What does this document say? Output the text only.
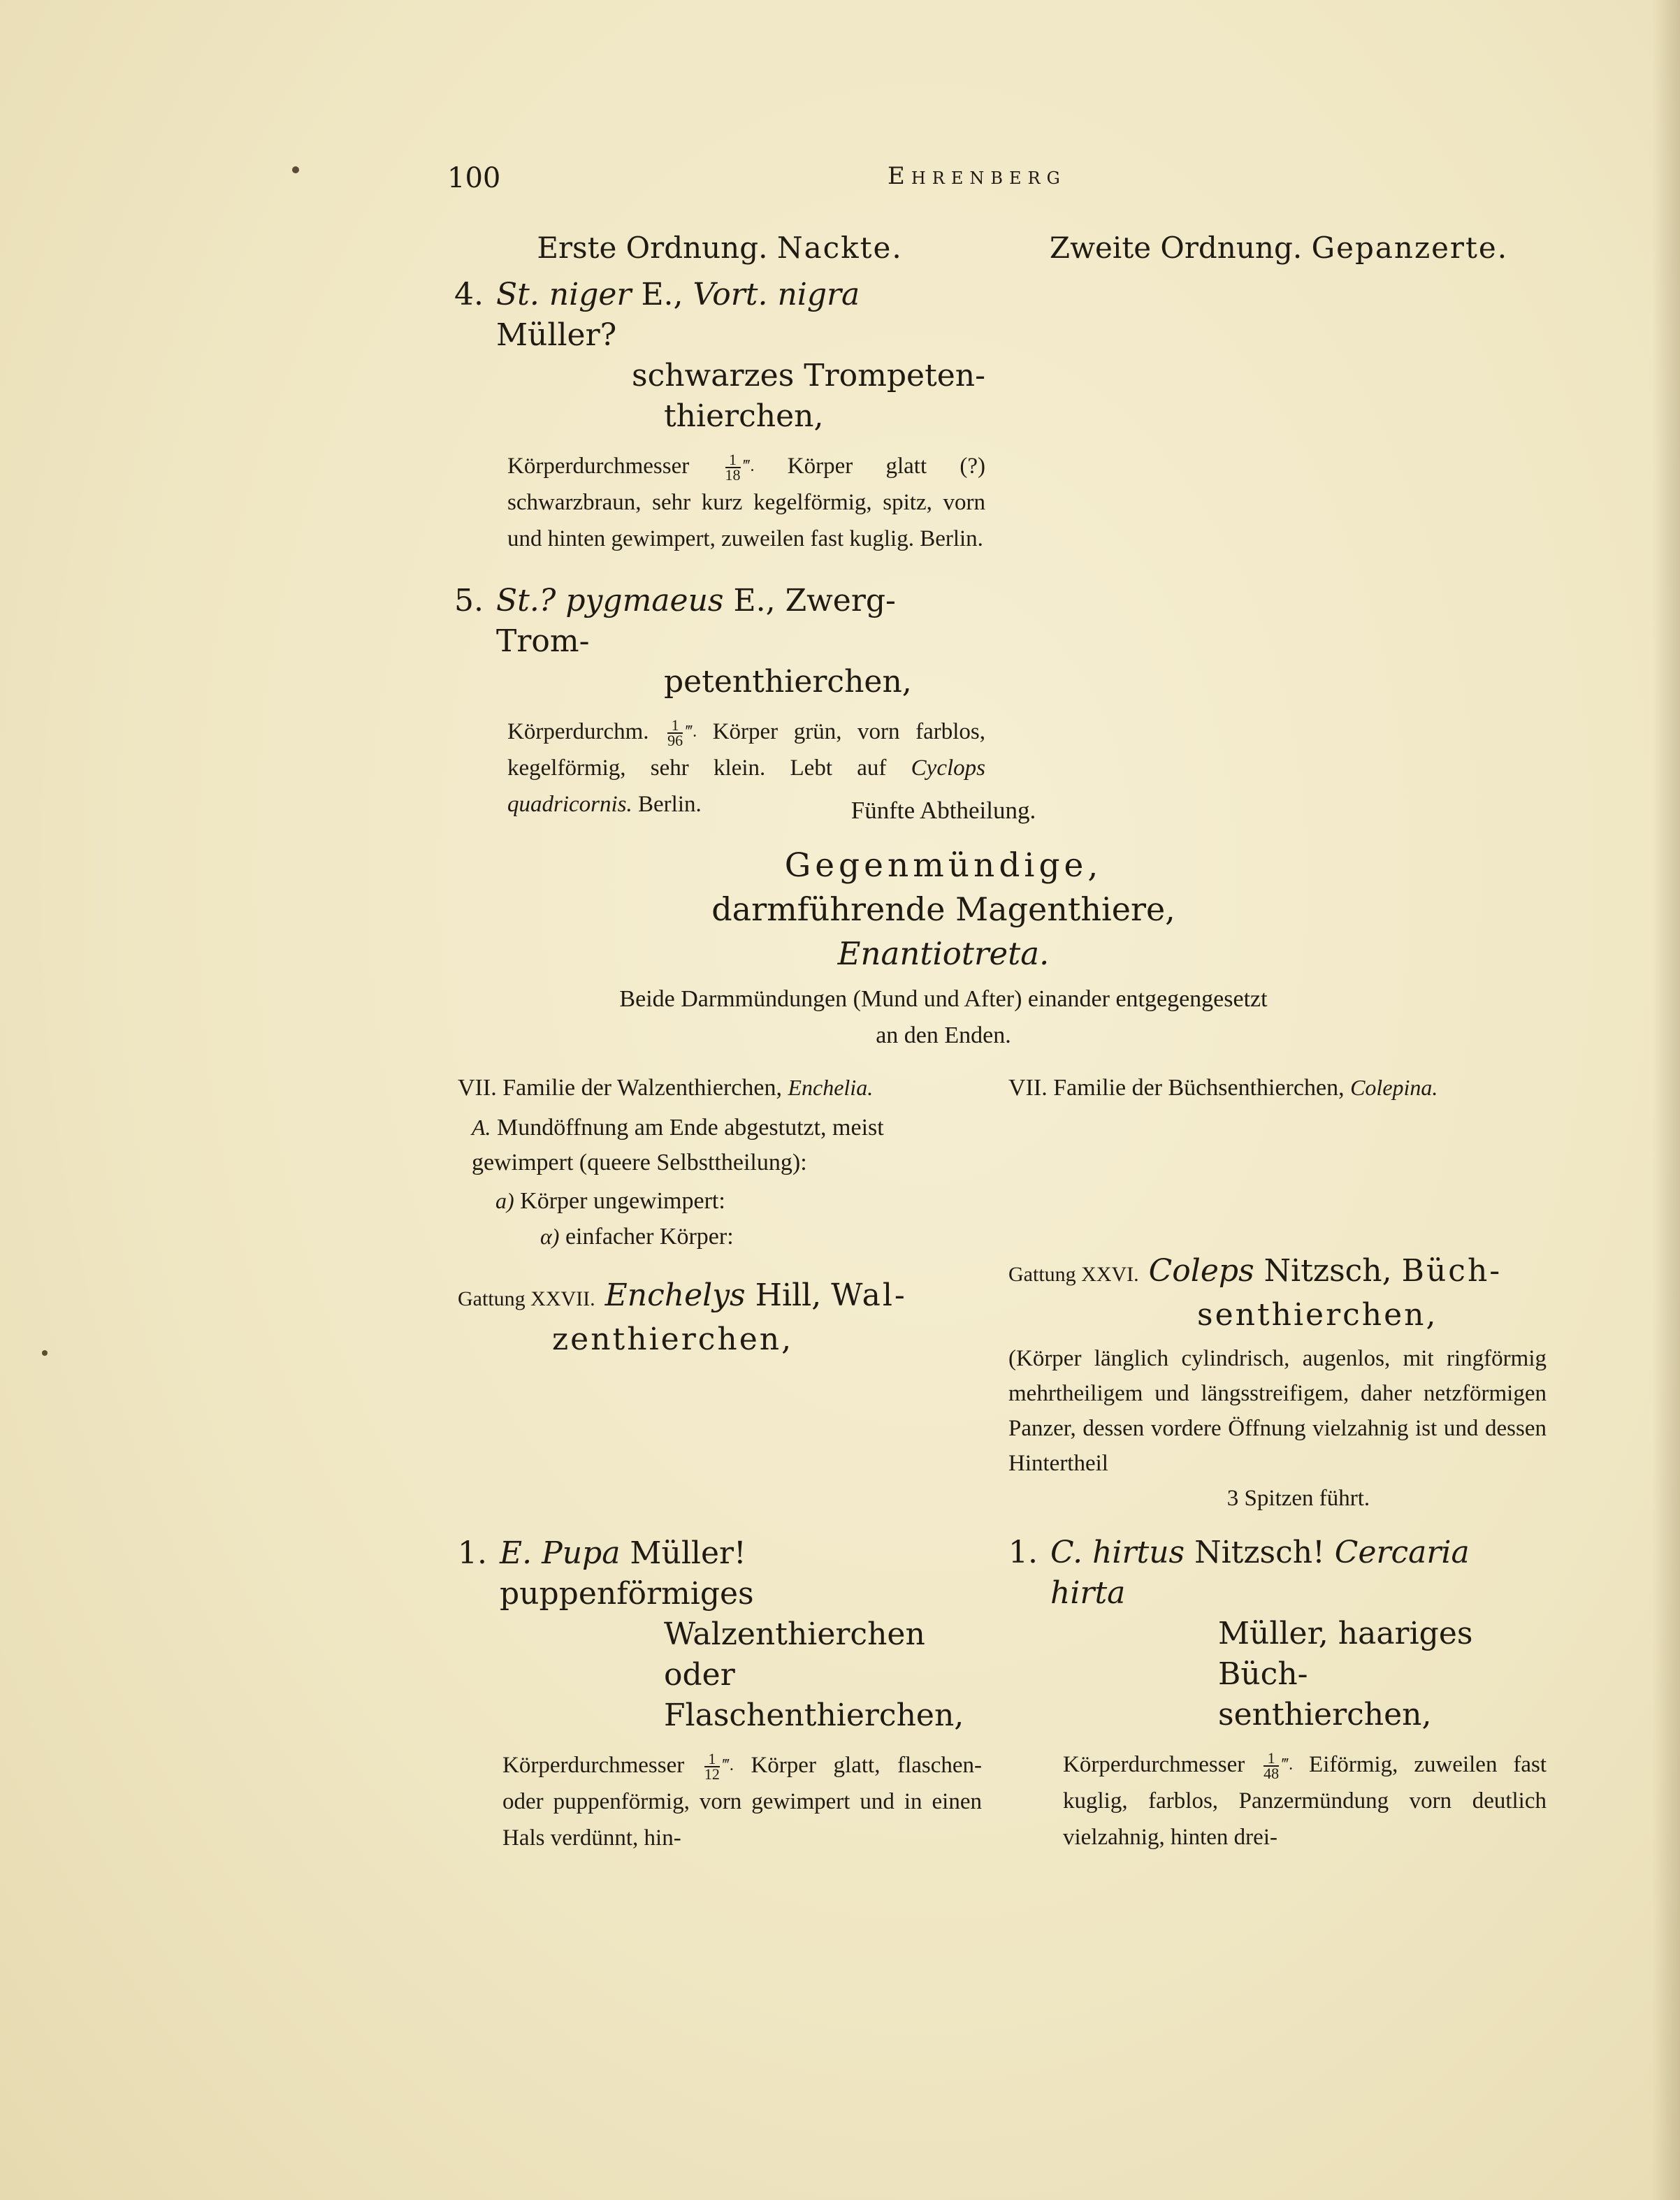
100	Ehrenberg
Erste Ordnung. Nackte.
4. St. niger E., Vort. nigra Müller?
schwarzes Trompeten-
thierchen,
Körperdurchmesser $\frac{1}{18} ^{‴.}$ Körper glatt (?) schwarzbraun, sehr kurz kegelförmig, spitz, vorn und hinten gewimpert, zuweilen fast kuglig. Berlin.
5. St.? pygmaeus E., Zwerg-Trom-
petenthierchen,
Körperdurchm. $\frac{1}{96} ^{‴.}$ Körper grün, vorn farblos, kegelförmig, sehr klein. Lebt auf Cyclops quadricornis. Berlin.
Zweite Ordnung. Gepanzerte.
Fünfte Abtheilung.
Gegenmündige,
darmführende Magenthiere,
Enantiotreta.
Beide Darmmündungen (Mund und After) einander entgegengesetzt
an den Enden.
VII. Familie der Walzenthierchen, Enchelia.
A. Mundöffnung am Ende abgestutzt, meist gewimpert (queere Selbsttheilung):
a) Körper ungewimpert:
α) einfacher Körper:
Gattung XXVII. Enchelys Hill, Wal-
zenthierchen,
1. E. Pupa Müller! puppenförmiges
Walzenthierchen oder
Flaschenthierchen,
Körperdurchmesser $\frac{1}{12} ^{‴.}$ Körper glatt, flaschen- oder puppenförmig, vorn gewimpert und in einen Hals verdünnt, hin-
VII. Familie der Büchsenthierchen, Colepina.
Gattung XXVI. Coleps Nitzsch, Büch-
senthierchen,
(Körper länglich cylindrisch, augenlos, mit ringförmig mehrtheiligem und längsstreifigem, daher netzförmigen Panzer, dessen vordere Öffnung vielzahnig ist und dessen Hintertheil
3 Spitzen führt.
1. C. hirtus Nitzsch! Cercaria hirta
Müller, haariges Büch-
senthierchen,
Körperdurchmesser $\frac{1}{48} ^{‴.}$ Eiförmig, zuweilen fast kuglig, farblos, Panzermündung vorn deutlich vielzahnig, hinten drei-
